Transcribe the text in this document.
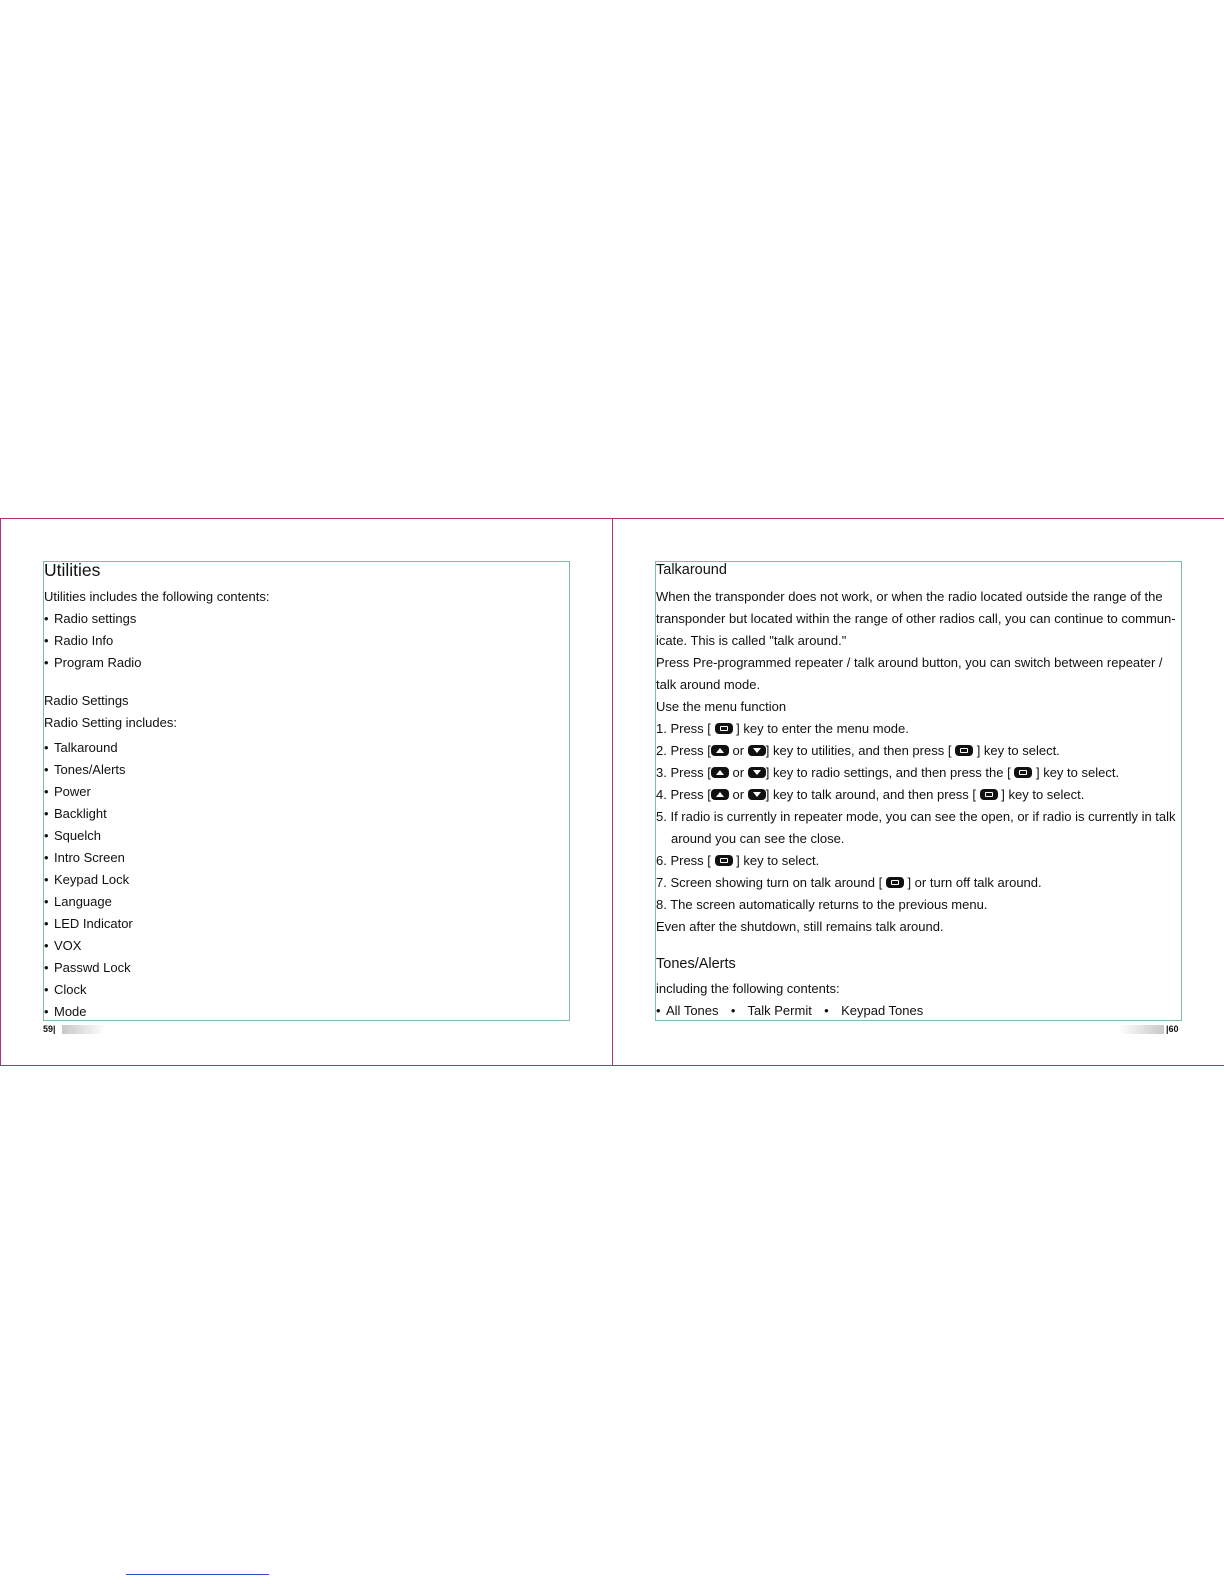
Utilities
Utilities includes the following contents:
• Radio settings
• Radio Info
• Program Radio
Radio Settings
Radio Setting includes:
• Talkaround
• Tones/Alerts
• Power
• Backlight
• Squelch
• Intro Screen
• Keypad Lock
• Language
• LED Indicator
• VOX
• Passwd Lock
• Clock
• Mode
59|
Talkaround
When the transponder does not work, or when the radio located outside the range of the
transponder but located within the range of other radios call, you can continue to commun-
icate. This is called "talk around."
Press Pre-programmed repeater / talk around button, you can switch between repeater /
talk around mode.
Use the menu function
1. Press [ ] key to enter the menu mode.
2. Press [ or ] key to utilities, and then press [ ] key to select.
3. Press [ or ] key to radio settings, and then press the [ ] key to select.
4. Press [ or ] key to talk around, and then press [ ] key to select.
5. If radio is currently in repeater mode, you can see the open, or if radio is currently in talk
around you can see the close.
6. Press [ ] key to select.
7. Screen showing turn on talk around [ ] or turn off talk around.
8. The screen automatically returns to the previous menu.
Even after the shutdown, still remains talk around.
Tones/Alerts
including the following contents:
• All Tones • Talk Permit • Keypad Tones
|60
